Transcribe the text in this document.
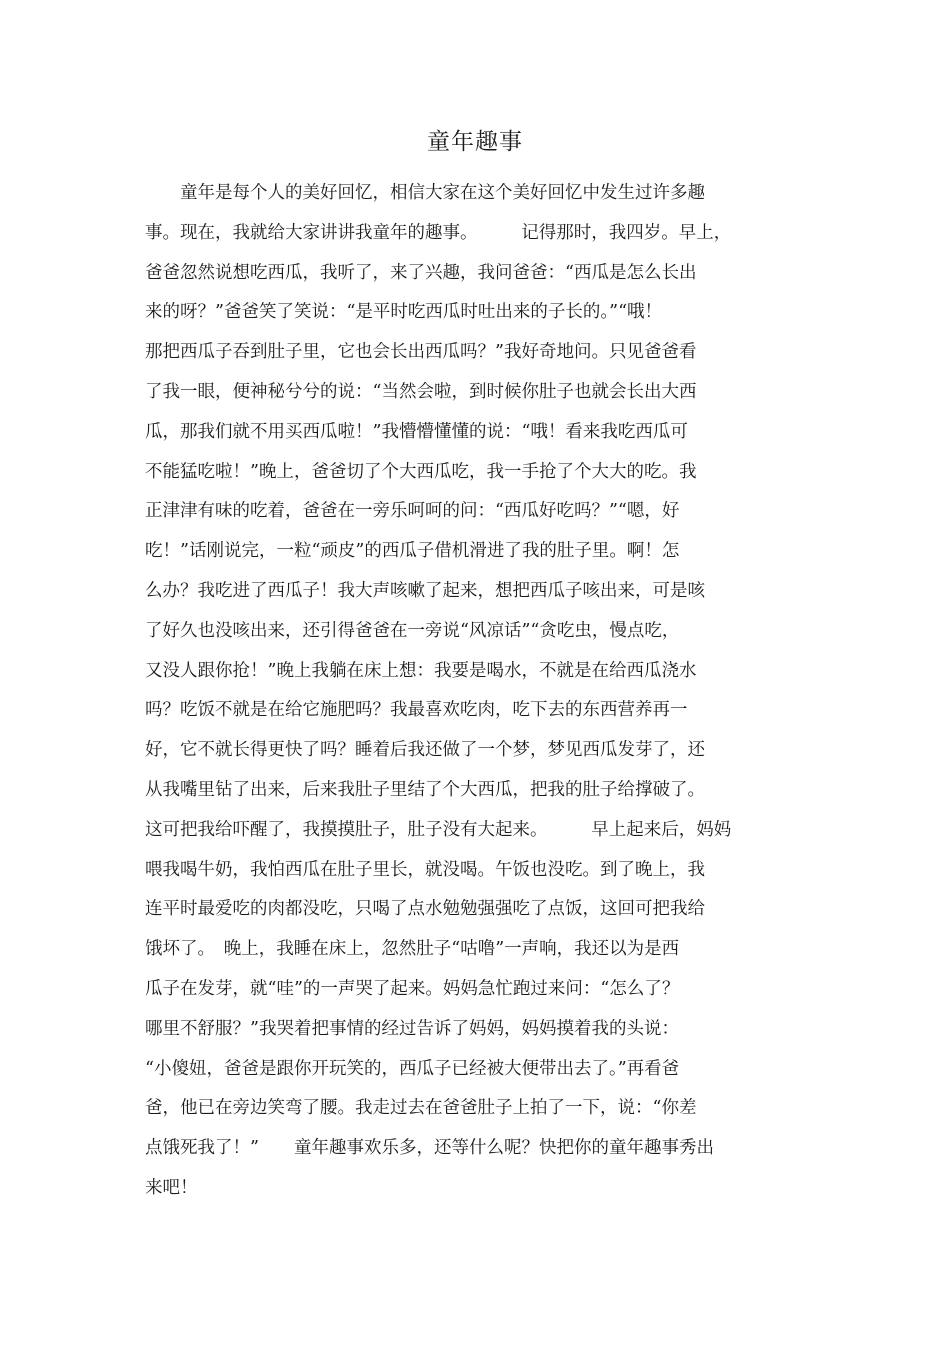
童年趣事
　　童年是每个人的美好回忆，相信大家在这个美好回忆中发生过许多趣
事。现在，我就给大家讲讲我童年的趣事。　　　记得那时，我四岁。早上，
爸爸忽然说想吃西瓜，我听了，来了兴趣，我问爸爸：“西瓜是怎么长出
来的呀？”爸爸笑了笑说：“是平时吃西瓜时吐出来的子长的。”“哦！
那把西瓜子吞到肚子里，它也会长出西瓜吗？”我好奇地问。只见爸爸看
了我一眼，便神秘兮兮的说：“当然会啦，到时候你肚子也就会长出大西
瓜，那我们就不用买西瓜啦！”我懵懵懂懂的说：“哦！看来我吃西瓜可
不能猛吃啦！”晚上，爸爸切了个大西瓜吃，我一手抢了个大大的吃。我
正津津有味的吃着，爸爸在一旁乐呵呵的问：“西瓜好吃吗？”“嗯，好
吃！”话刚说完，一粒“顽皮”的西瓜子借机滑进了我的肚子里。啊！怎
么办？我吃进了西瓜子！我大声咳嗽了起来，想把西瓜子咳出来，可是咳
了好久也没咳出来，还引得爸爸在一旁说“风凉话”“贪吃虫，慢点吃，
又没人跟你抢！”晚上我躺在床上想：我要是喝水，不就是在给西瓜浇水
吗？吃饭不就是在给它施肥吗？我最喜欢吃肉，吃下去的东西营养再一
好，它不就长得更快了吗？睡着后我还做了一个梦，梦见西瓜发芽了，还
从我嘴里钻了出来，后来我肚子里结了个大西瓜，把我的肚子给撑破了。
这可把我给吓醒了，我摸摸肚子，肚子没有大起来。　　　早上起来后，妈妈
喂我喝牛奶，我怕西瓜在肚子里长，就没喝。午饭也没吃。到了晚上，我
连平时最爱吃的肉都没吃，只喝了点水勉勉强强吃了点饭，这回可把我给
饿坏了。　晚上，我睡在床上，忽然肚子“咕噜”一声响，我还以为是西
瓜子在发芽，就“哇”的一声哭了起来。妈妈急忙跑过来问：“怎么了？
哪里不舒服？”我哭着把事情的经过告诉了妈妈，妈妈摸着我的头说：
“小傻妞，爸爸是跟你开玩笑的，西瓜子已经被大便带出去了。”再看爸
爸，他已在旁边笑弯了腰。我走过去在爸爸肚子上拍了一下，说：“你差
点饿死我了！”　　童年趣事欢乐多，还等什么呢？快把你的童年趣事秀出
来吧！
